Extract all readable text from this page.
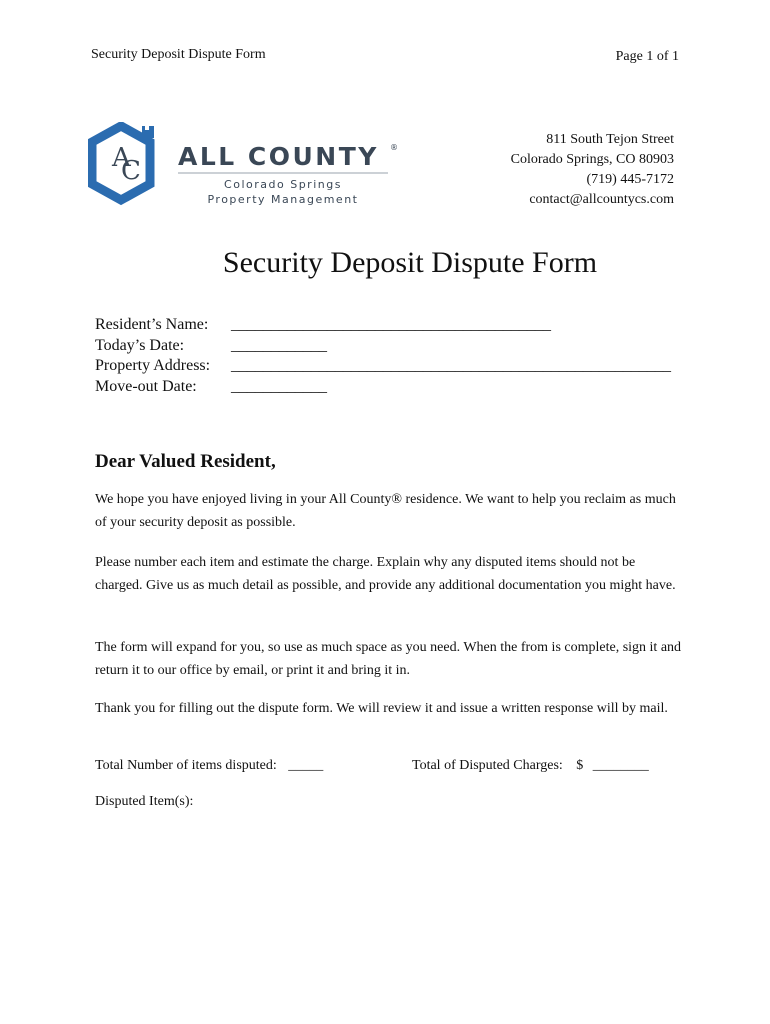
Security Deposit Dispute Form	Page 1 of 1
A
C ALL COUNTY ®
Colorado Springs
Property Management
811 South Tejon Street
Colorado Springs, CO 80903
(719) 445-7172
contact@allcountycs.com
Security Deposit Dispute Form
Resident’s Name:	________________________________________
Today’s Date:	____________
Property Address:	_______________________________________________________
Move-out Date:	____________
Dear Valued Resident,
We hope you have enjoyed living in your All County® residence. We want to help you reclaim as much of your security deposit as possible.
Please number each item and estimate the charge. Explain why any disputed items should not be charged. Give us as much detail as possible, and provide any additional documentation you might have.
The form will expand for you, so use as much space as you need. When the from is complete, sign it and return it to our office by email, or print it and bring it in.
Thank you for filling out the dispute form. We will review it and issue a written response will by mail.
Total Number of items disputed: _____	Total of Disputed Charges: $ ________
Disputed Item(s):
